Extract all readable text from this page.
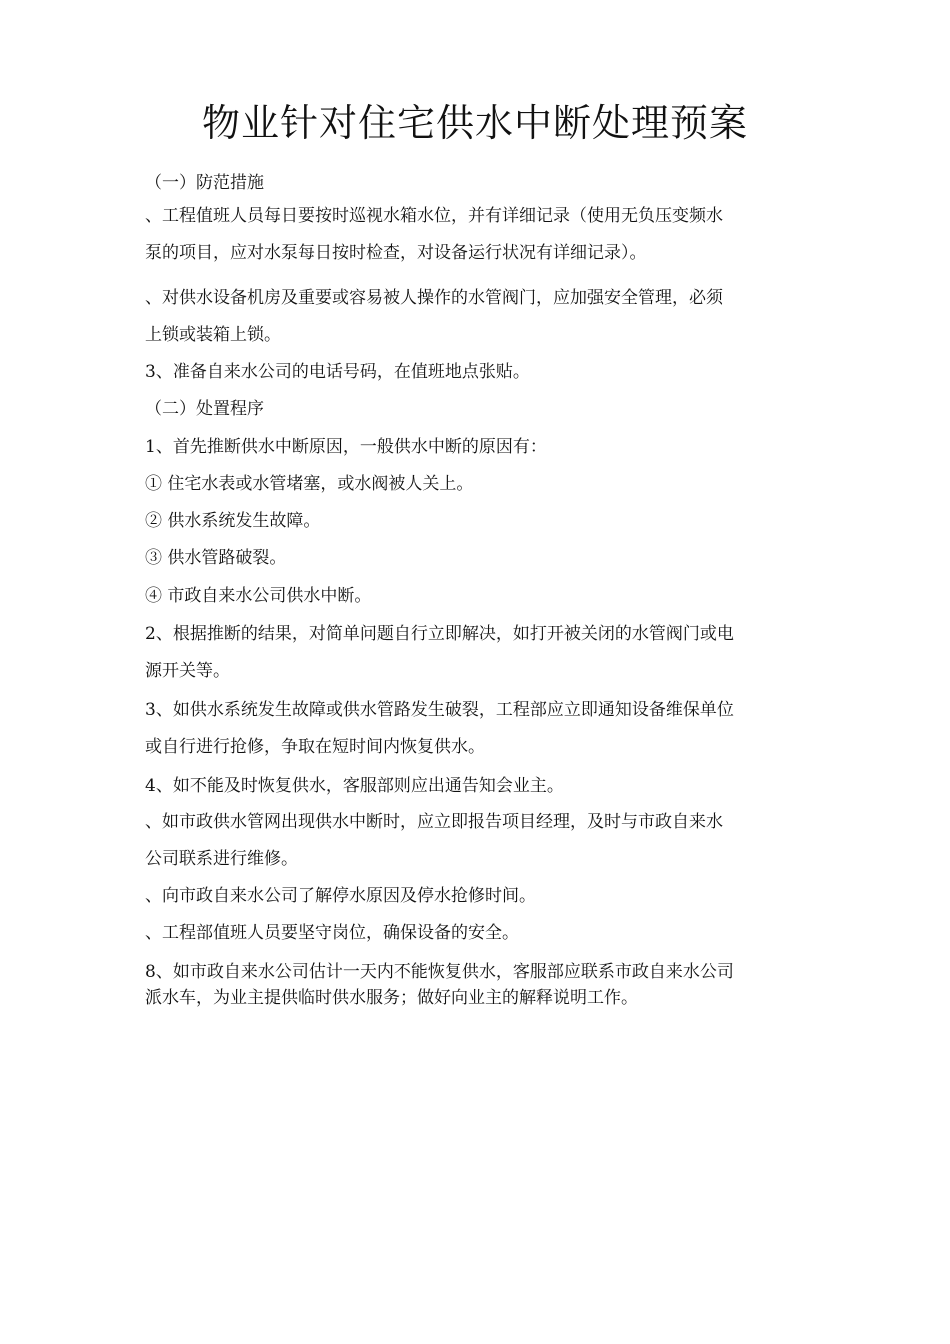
物业针对住宅供水中断处理预案

（一）防范措施

、工程值班人员每日要按时巡视水箱水位，并有详细记录（使用无负压变频水

泵的项目，应对水泵每日按时检查，对设备运行状况有详细记录）。

、对供水设备机房及重要或容易被人操作的水管阀门，应加强安全管理，必须

上锁或装箱上锁。

3、准备自来水公司的电话号码，在值班地点张贴。

（二）处置程序

1、首先推断供水中断原因，一般供水中断的原因有：

① 住宅水表或水管堵塞，或水阀被人关上。

② 供水系统发生故障。

③ 供水管路破裂。

④ 市政自来水公司供水中断。

2、根据推断的结果，对简单问题自行立即解决，如打开被关闭的水管阀门或电

源开关等。

3、如供水系统发生故障或供水管路发生破裂，工程部应立即通知设备维保单位

或自行进行抢修，争取在短时间内恢复供水。

4、如不能及时恢复供水，客服部则应出通告知会业主。

、如市政供水管网出现供水中断时，应立即报告项目经理，及时与市政自来水

公司联系进行维修。

、向市政自来水公司了解停水原因及停水抢修时间。

、工程部值班人员要坚守岗位，确保设备的安全。

8、如市政自来水公司估计一天内不能恢复供水，客服部应联系市政自来水公司

派水车，为业主提供临时供水服务；做好向业主的解释说明工作。
